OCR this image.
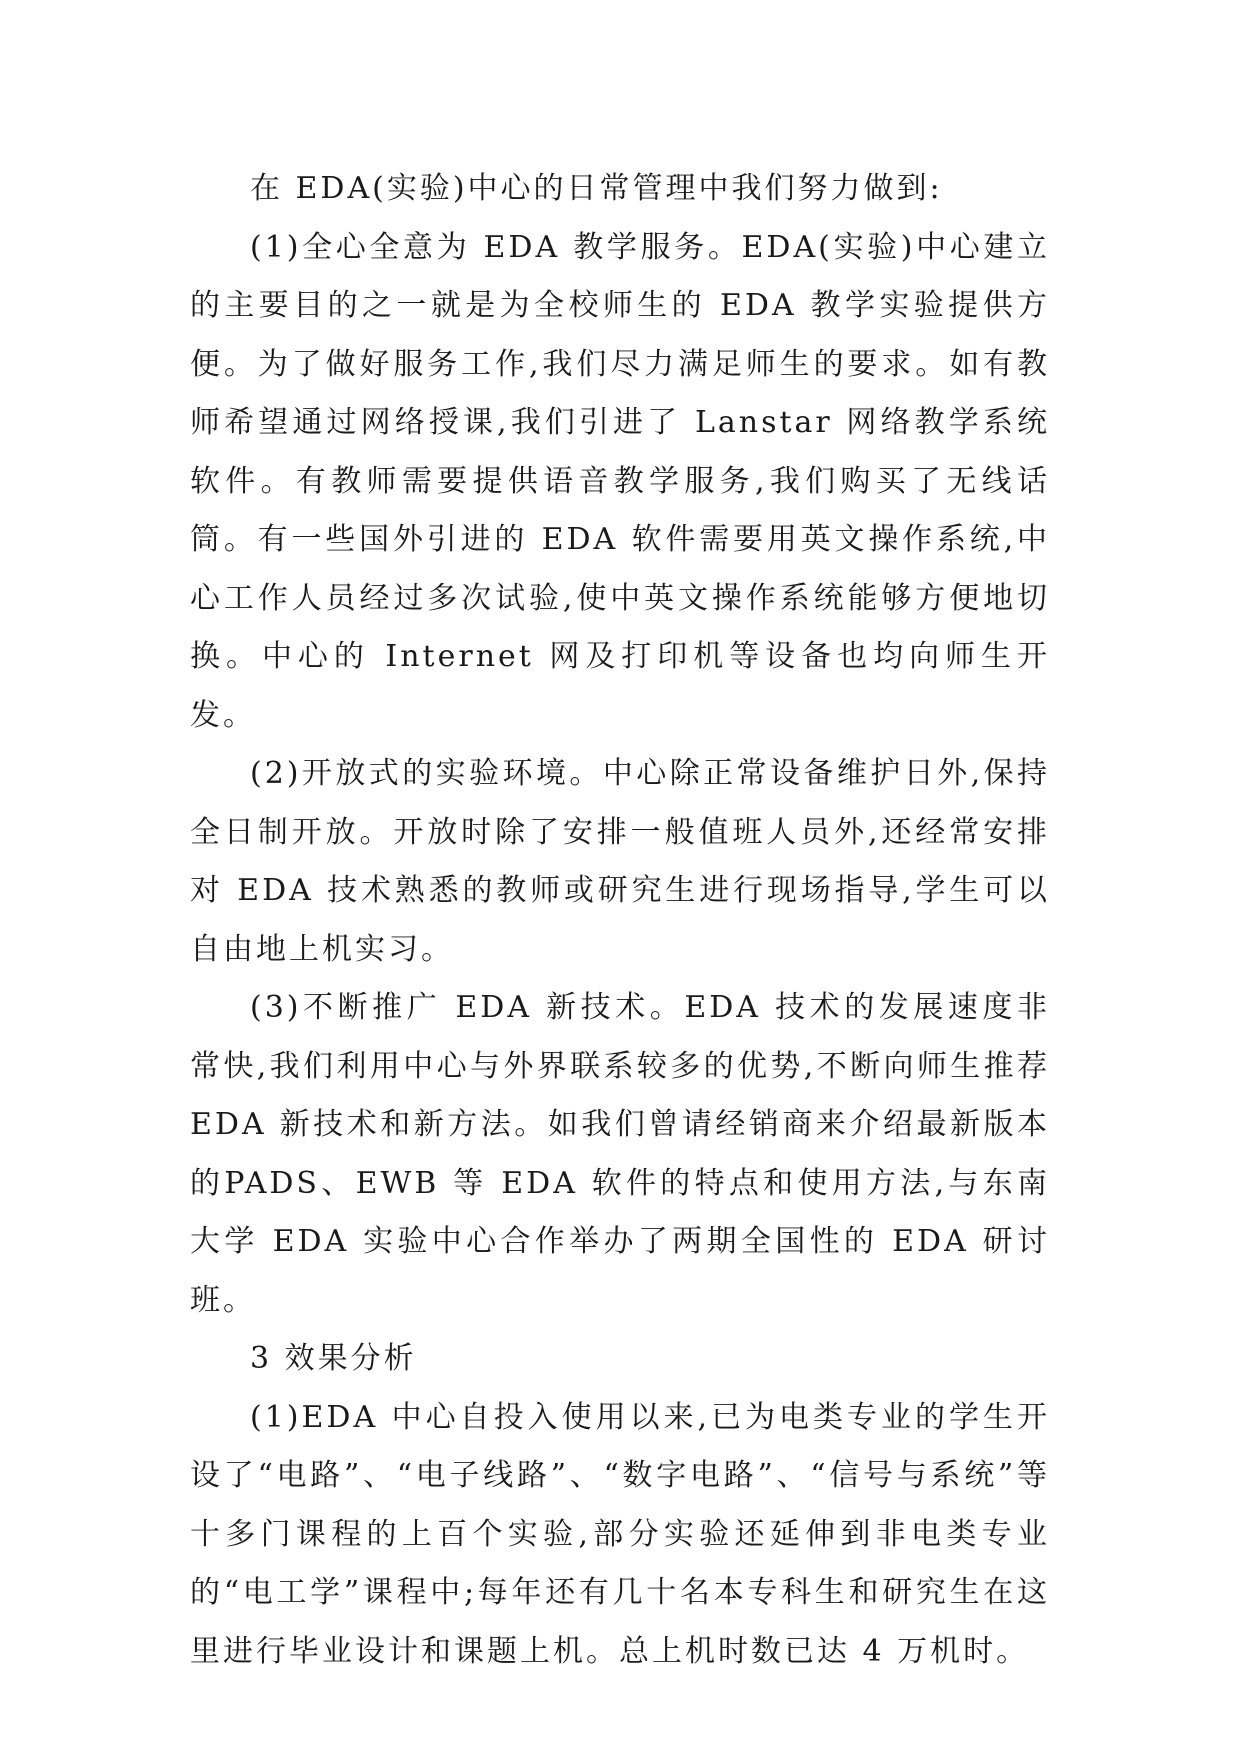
在 EDA(实验)中心的日常管理中我们努力做到:

(1)全心全意为 EDA 教学服务。EDA(实验)中心建立的主要目的之一就是为全校师生的 EDA 教学实验提供方便。为了做好服务工作,我们尽力满足师生的要求。如有教师希望通过网络授课,我们引进了 Lanstar 网络教学系统软件。有教师需要提供语音教学服务,我们购买了无线话筒。有一些国外引进的 EDA 软件需要用英文操作系统,中心工作人员经过多次试验,使中英文操作系统能够方便地切换。中心的 Internet 网及打印机等设备也均向师生开发。

(2)开放式的实验环境。中心除正常设备维护日外,保持全日制开放。开放时除了安排一般值班人员外,还经常安排对 EDA 技术熟悉的教师或研究生进行现场指导,学生可以自由地上机实习。

(3)不断推广 EDA 新技术。EDA 技术的发展速度非常快,我们利用中心与外界联系较多的优势,不断向师生推荐 EDA 新技术和新方法。如我们曾请经销商来介绍最新版本的PADS、EWB 等 EDA 软件的特点和使用方法,与东南大学 EDA 实验中心合作举办了两期全国性的 EDA 研讨班。

3 效果分析

(1)EDA 中心自投入使用以来,已为电类专业的学生开设了“电路”、“电子线路”、“数字电路”、“信号与系统”等十多门课程的上百个实验,部分实验还延伸到非电类专业的“电工学”课程中;每年还有几十名本专科生和研究生在这里进行毕业设计和课题上机。总上机时数已达 4 万机时。
